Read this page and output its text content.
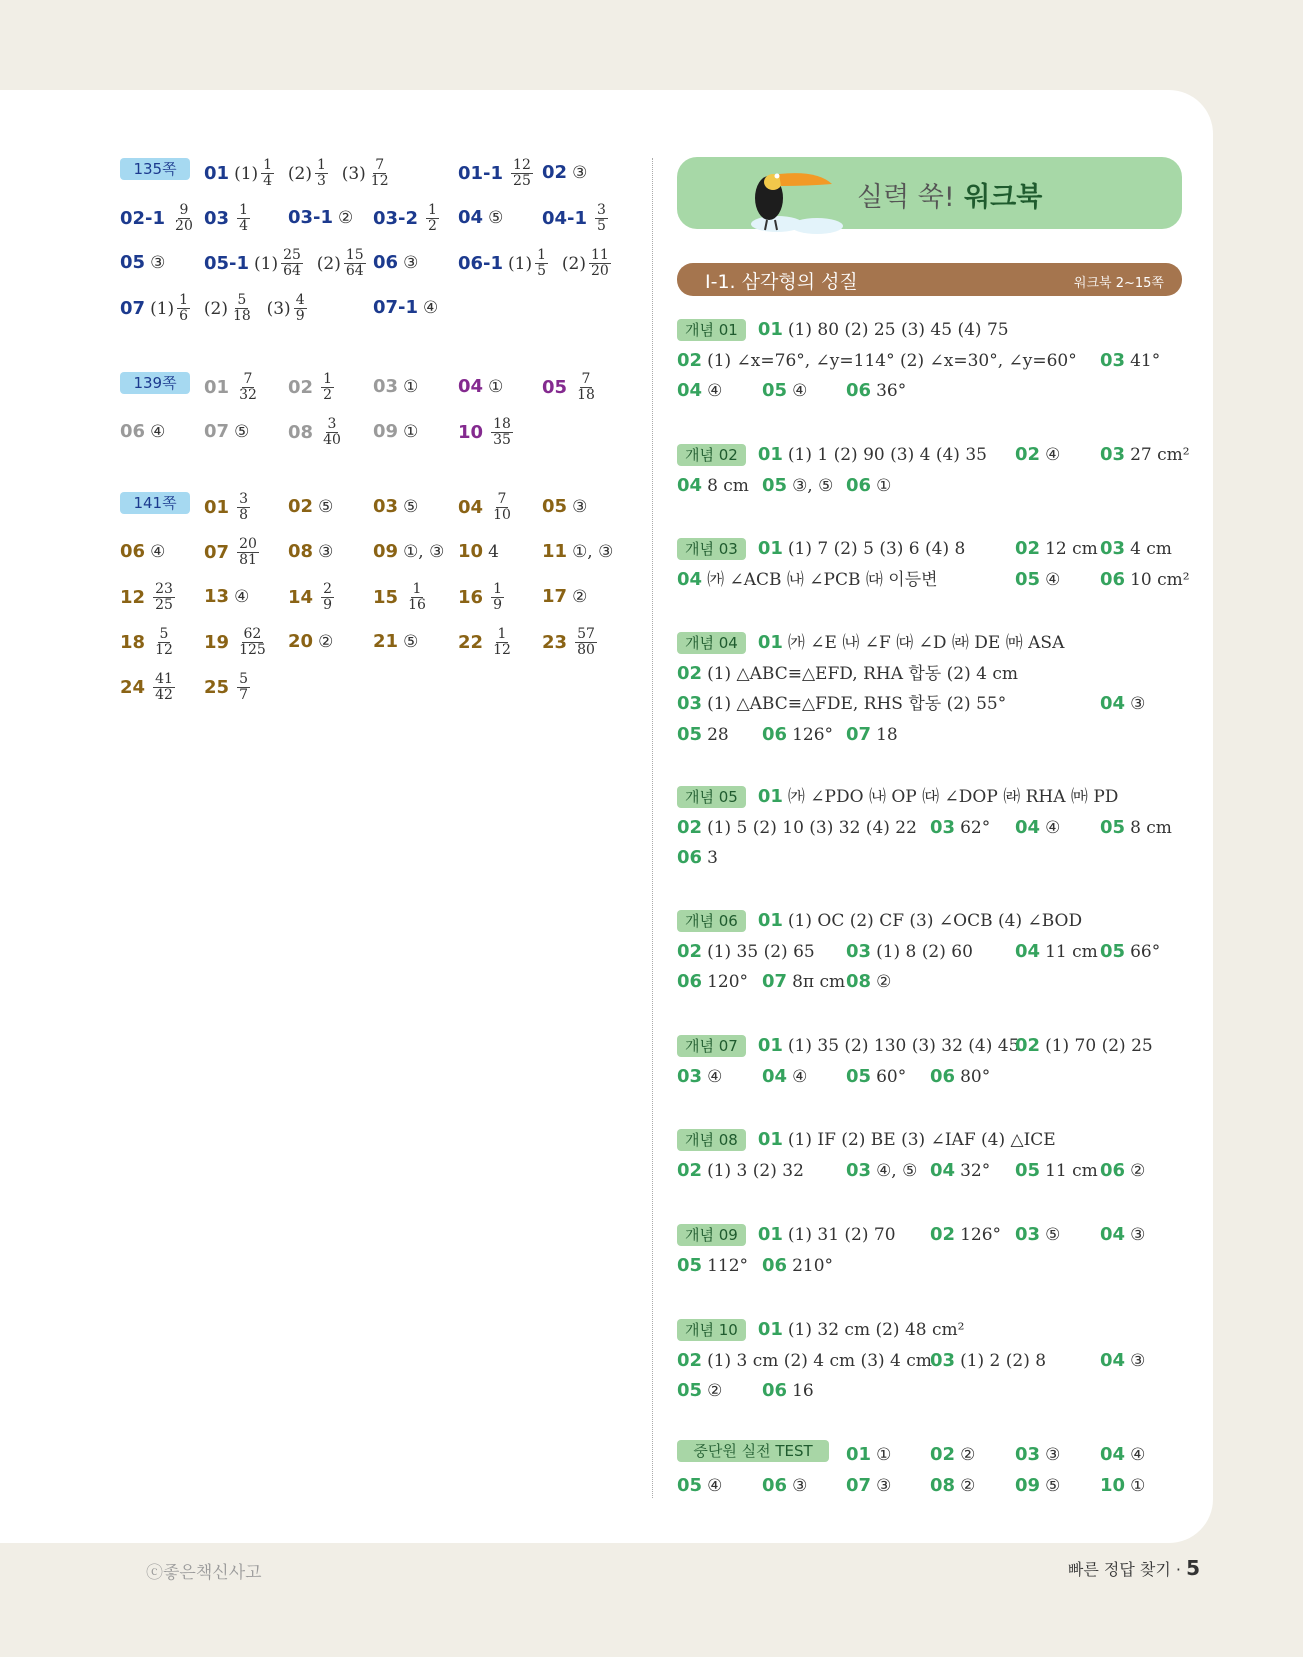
135쪽	01 $(1) \frac{1}{4} (2) \frac{1}{3} (3) \frac{7}{12}$	$01-1 \frac{12}{25} 02$ ③
$02-1 \frac{9}{20} 03 \frac{1}{4} 03-1$ ② $03-2 \frac{1}{2} 04$ ⑤ $04-1 \frac{3}{5}$
05 ③ 05-1 $(1) \frac{25}{64} (2) \frac{15}{64} 06$ ③ 06-1 $(1) \frac{1}{5} (2) \frac{11}{20}$
07 $(1) \frac{1}{6} (2) \frac{5}{18} (3) \frac{4}{9}$	07-1 ④
139쪽	$01 \frac{7}{32} 02 \frac{1}{2} 03$ ① 04 ① $05 \frac{7}{18}$
06 ④ 07 ⑤ $08 \frac{3}{40} 09$ ① $10 \frac{18}{35}$
141쪽	$01 \frac{3}{8} 02$ ⑤ 03 ⑤ $04 \frac{7}{10} 05$ ③
06 ④ $07 \frac{20}{81} 08$ ③ 09 ①, ③ 10 4 11 ①, ③
$12 \frac{23}{25} 13$ ④ $14 \frac{2}{9} 15 \frac{1}{16} 16 \frac{1}{9} 17$ ②
$18 \frac{5}{12} 19 \frac{62}{125} 20$ ② 21 ⑤ $22 \frac{1}{12} 23 \frac{57}{80}$
$24 \frac{41}{42} 25 \frac{5}{7}$
실력 쑥! 워크북
Ⅰ-1. 삼각형의 성질	워크북 2~15쪽
개념 01	01 (1) 80 (2) 25 (3) 45 (4) 75
02 (1) ∠x=76°, ∠y=114° (2) ∠x=30°, ∠y=60° 03 41°
04 ④ 05 ④ 06 36°
개념 02	01 (1) 1 (2) 90 (3) 4 (4) 35 02 ④ 03 27 cm²
04 8 cm 05 ③, ⑤ 06 ①
개념 03	01 (1) 7 (2) 5 (3) 6 (4) 8	02 12 cm 03 4 cm
04 ㈎ ∠ACB ㈏ ∠PCB ㈐ 이등변	05 ④ 06 10 cm²
개념 04	01 ㈎ ∠E ㈏ ∠F ㈐ ∠D ㈑ DE ㈒ ASA
02 (1) △ABC≡△EFD, RHA 합동 (2) 4 cm
03 (1) △ABC≡△FDE, RHS 합동 (2) 55°	04 ③
05 28 06 126° 07 18
개념 05	01 ㈎ ∠PDO ㈏ OP ㈐ ∠DOP ㈑ RHA ㈒ PD
02 (1) 5 (2) 10 (3) 32 (4) 22 03 62° 04 ④ 05 8 cm
06 3
개념 06	01 (1) OC (2) CF (3) ∠OCB (4) ∠BOD
02 (1) 35 (2) 65 03 (1) 8 (2) 60 04 11 cm 05 66°
06 120° 07 8π cm 08 ②
개념 07	01 (1) 35 (2) 130 (3) 32 (4) 45
02 (1) 70 (2) 25
03 ④ 04 ④ 05 60° 06 80°
개념 08	01 (1) IF (2) BE (3) ∠IAF (4) △ICE
02 (1) 3 (2) 32 03 ④, ⑤ 04 32° 05 11 cm 06 ②
개념 09	01 (1) 31 (2) 70 02 126° 03 ⑤ 04 ③
05 112° 06 210°
개념 10	01 (1) 32 cm (2) 48 cm²
02 (1) 3 cm (2) 4 cm (3) 4 cm
03 (1) 2 (2) 8	04 ③
05 ② 06 16
중단원 실전 TEST	01 ① 02 ② 03 ③ 04 ④
05 ④ 06 ③ 07 ③ 08 ② 09 ⑤ 10 ①
ⓒ좋은책신사고	빠른 정답 찾기 · 5
